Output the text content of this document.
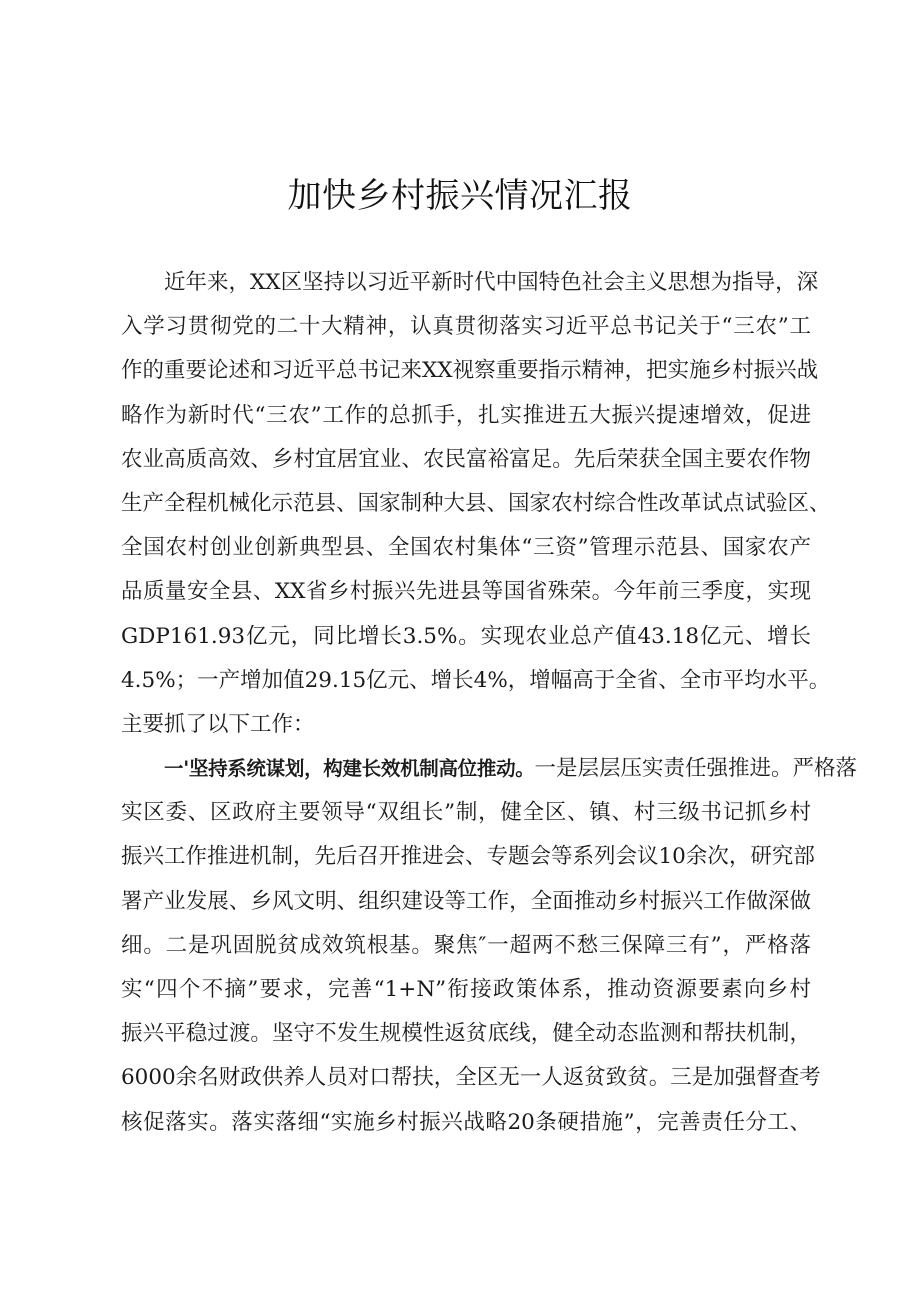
加快乡村振兴情况汇报
近年来，XX区坚持以习近平新时代中国特色社会主义思想为指导，深
入学习贯彻党的二十大精神，认真贯彻落实习近平总书记关于“三农”工
作的重要论述和习近平总书记来XX视察重要指示精神，把实施乡村振兴战
略作为新时代“三农”工作的总抓手，扎实推进五大振兴提速增效，促进
农业高质高效、乡村宜居宜业、农民富裕富足。先后荣获全国主要农作物
生产全程机械化示范县、国家制种大县、国家农村综合性改革试点试验区、
全国农村创业创新典型县、全国农村集体“三资”管理示范县、国家农产
品质量安全县、XX省乡村振兴先进县等国省殊荣。今年前三季度，实现
GDP161.93亿元，同比增长3.5%。实现农业总产值43.18亿元、增长
4.5%；一产增加值29.15亿元、增长4%，增幅高于全省、全市平均水平。
主要抓了以下工作：
一'坚持系统谋划，构建长效机制高位推动。一是层层压实责任强推进。严格落
实区委、区政府主要领导“双组长”制，健全区、镇、村三级书记抓乡村
振兴工作推进机制，先后召开推进会、专题会等系列会议10余次，研究部
署产业发展、乡风文明、组织建设等工作，全面推动乡村振兴工作做深做
细。二是巩固脱贫成效筑根基。聚焦″一超两不愁三保障三有”，严格落
实“四个不摘”要求，完善“1+N”衔接政策体系，推动资源要素向乡村
振兴平稳过渡。坚守不发生规模性返贫底线，健全动态监测和帮扶机制，
6000余名财政供养人员对口帮扶，全区无一人返贫致贫。三是加强督查考
核促落实。落实落细“实施乡村振兴战略20条硬措施”，完善责任分工、
